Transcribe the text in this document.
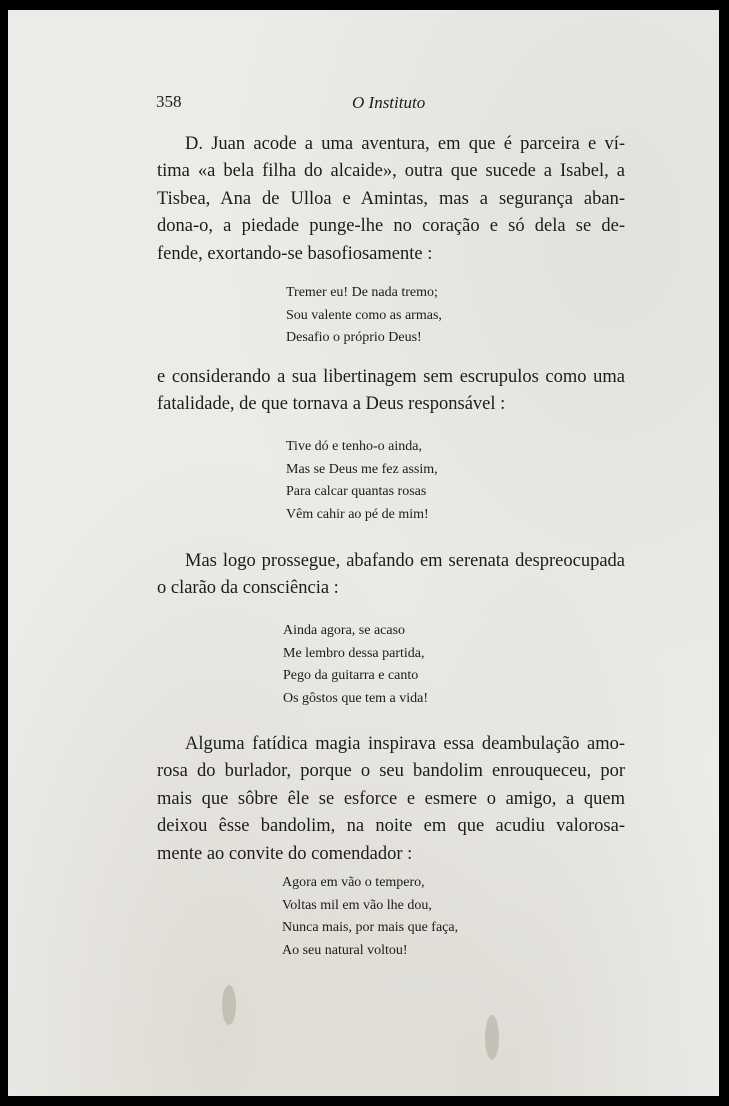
358	O Instituto
D. Juan acode a uma aventura, em que é parceira e ví-
tima «a bela filha do alcaide», outra que sucede a Isabel, a
Tisbea, Ana de Ulloa e Amintas, mas a segurança aban-
dona-o, a piedade punge-lhe no coração e só dela se de-
fende, exortando-se basofiosamente :
Tremer eu! De nada tremo;
Sou valente como as armas,
Desafio o próprio Deus!
e considerando a sua libertinagem sem escrupulos como uma
fatalidade, de que tornava a Deus responsável :
Tive dó e tenho-o ainda,
Mas se Deus me fez assim,
Para calcar quantas rosas
Vêm cahir ao pé de mim!
Mas logo prossegue, abafando em serenata despreocupada
o clarão da consciência :
Ainda agora, se acaso
Me lembro dessa partida,
Pego da guitarra e canto
Os gôstos que tem a vida!
Alguma fatídica magia inspirava essa deambulação amo-
rosa do burlador, porque o seu bandolim enrouqueceu, por
mais que sôbre êle se esforce e esmere o amigo, a quem
deixou êsse bandolim, na noite em que acudiu valorosa-
mente ao convite do comendador :
Agora em vão o tempero,
Voltas mil em vão lhe dou,
Nunca mais, por mais que faça,
Ao seu natural voltou!
